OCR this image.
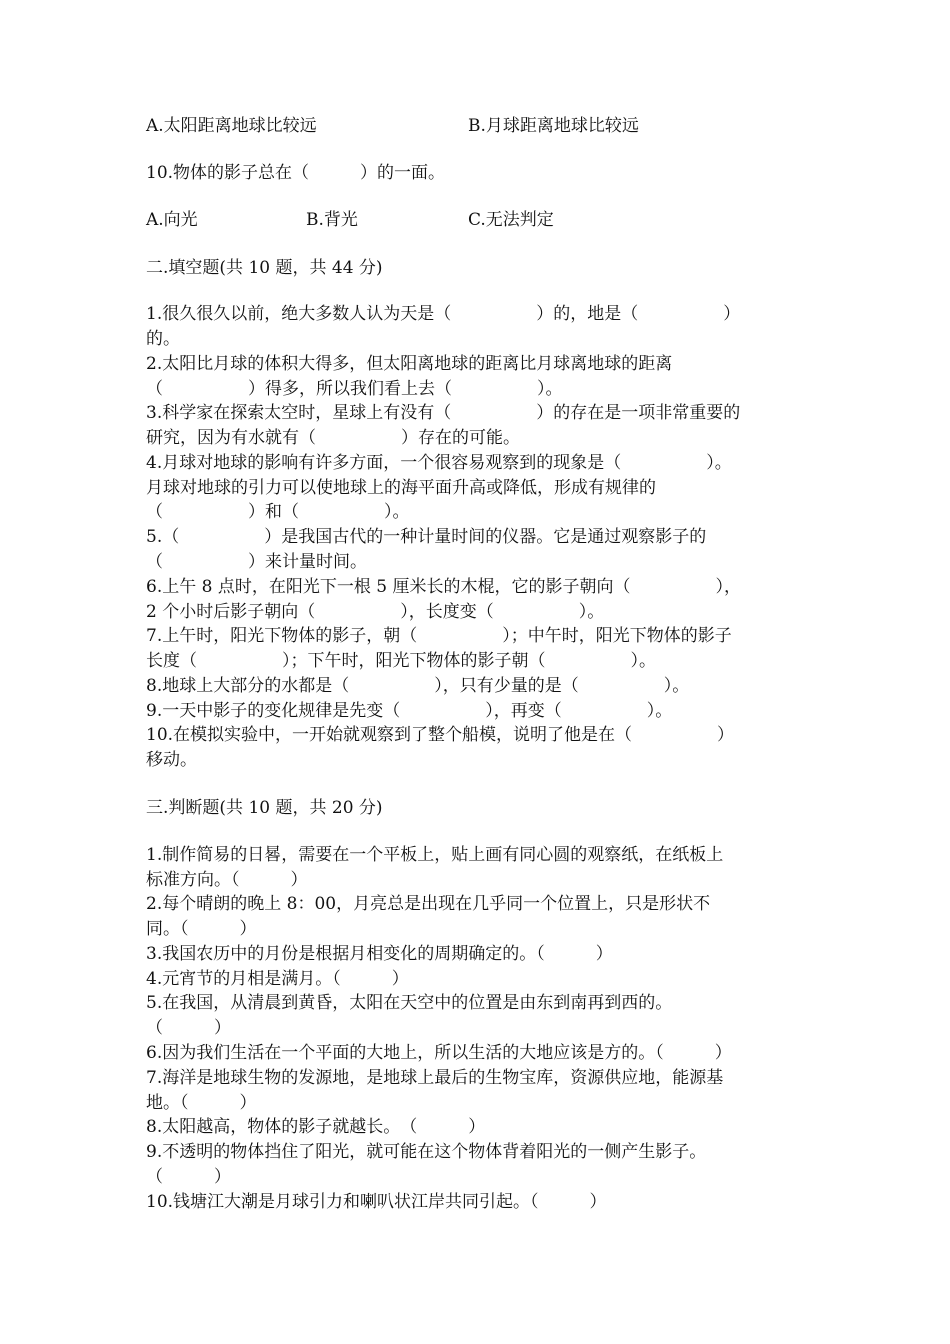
A.太阳距离地球比较远	B.月球距离地球比较远
10.物体的影子总在（　　　）的一面。
A.向光	B.背光	C.无法判定
二.填空题(共 10 题，共 44 分)
1.很久很久以前，绝大多数人认为天是（　　　　　）的，地是（　　　　　）
的。
2.太阳比月球的体积大得多，但太阳离地球的距离比月球离地球的距离
（　　　　　）得多，所以我们看上去（　　　　　）。
3.科学家在探索太空时，星球上有没有（　　　　　）的存在是一项非常重要的
研究，因为有水就有（　　　　　）存在的可能。
4.月球对地球的影响有许多方面，一个很容易观察到的现象是（　　　　　）。
月球对地球的引力可以使地球上的海平面升高或降低，形成有规律的
（　　　　　）和（　　　　　）。
5.（　　　　　）是我国古代的一种计量时间的仪器。它是通过观察影子的
（　　　　　）来计量时间。
6.上午 8 点时，在阳光下一根 5 厘米长的木棍，它的影子朝向（　　　　　），
2 个小时后影子朝向（　　　　　），长度变（　　　　　）。
7.上午时，阳光下物体的影子，朝（　　　　　）；中午时，阳光下物体的影子
长度（　　　　　）；下午时，阳光下物体的影子朝（　　　　　）。
8.地球上大部分的水都是（　　　　　），只有少量的是（　　　　　）。
9.一天中影子的变化规律是先变（　　　　　），再变（　　　　　）。
10.在模拟实验中，一开始就观察到了整个船模，说明了他是在（　　　　　）
移动。
三.判断题(共 10 题，共 20 分)
1.制作简易的日晷，需要在一个平板上，贴上画有同心圆的观察纸，在纸板上
标准方向。（　　　）
2.每个晴朗的晚上 8：00，月亮总是出现在几乎同一个位置上，只是形状不
同。（　　　）
3.我国农历中的月份是根据月相变化的周期确定的。（　　　）
4.元宵节的月相是满月。（　　　）
5.在我国，从清晨到黄昏，太阳在天空中的位置是由东到南再到西的。
（　　　）
6.因为我们生活在一个平面的大地上，所以生活的大地应该是方的。（　　　）
7.海洋是地球生物的发源地，是地球上最后的生物宝库，资源供应地，能源基
地。（　　　）
8.太阳越高，物体的影子就越长。　（　　　）
9.不透明的物体挡住了阳光，就可能在这个物体背着阳光的一侧产生影子。
（　　　）
10.钱塘江大潮是月球引力和喇叭状江岸共同引起。（　　　）
